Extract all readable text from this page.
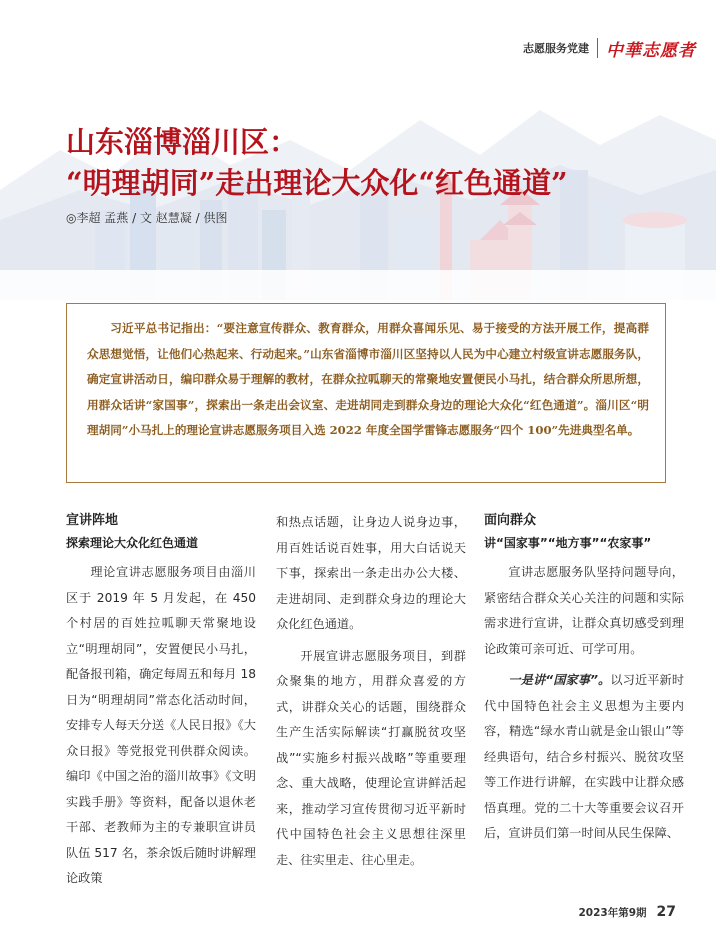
志愿服务党建 中華志愿者
山东淄博淄川区：
“明理胡同”走出理论大众化“红色通道”
◎李超 孟燕 / 文 赵慧凝 / 供图

习近平总书记指出：“要注意宣传群众、教育群众，用群众喜闻乐见、易于接受的方法开展工作，提高群众思想觉悟，让他们心热起来、行动起来。”山东省淄博市淄川区坚持以人民为中心建立村级宣讲志愿服务队，确定宣讲活动日，编印群众易于理解的教材，在群众拉呱聊天的常聚地安置便民小马扎，结合群众所思所想，用群众话讲“家国事”，探索出一条走出会议室、走进胡同走到群众身边的理论大众化“红色通道”。淄川区“明理胡同”小马扎上的理论宣讲志愿服务项目入选 2022 年度全国学雷锋志愿服务“四个 100”先进典型名单。

宣讲阵地
探索理论大众化红色通道

理论宣讲志愿服务项目由淄川区于 2019 年 5 月发起，在 450 个村居的百姓拉呱聊天常聚地设立“明理胡同”，安置便民小马扎，配备报刊箱，确定每周五和每月 18 日为“明理胡同”常态化活动时间，安排专人每天分送《人民日报》《大众日报》等党报党刊供群众阅读。编印《中国之治的淄川故事》《文明实践手册》等资料，配备以退休老干部、老教师为主的专兼职宣讲员队伍 517 名，茶余饭后随时讲解理论政策

和热点话题，让身边人说身边事，用百姓话说百姓事，用大白话说天下事，探索出一条走出办公大楼、走进胡同、走到群众身边的理论大众化红色通道。

开展宣讲志愿服务项目，到群众聚集的地方，用群众喜爱的方式，讲群众关心的话题，围绕群众生产生活实际解读“打赢脱贫攻坚战”“实施乡村振兴战略”等重要理念、重大战略，使理论宣讲鲜活起来，推动学习宣传贯彻习近平新时代中国特色社会主义思想往深里走、往实里走、往心里走。

面向群众
讲“国家事”“地方事”“农家事”

宣讲志愿服务队坚持问题导向，紧密结合群众关心关注的问题和实际需求进行宣讲，让群众真切感受到理论政策可亲可近、可学可用。

一是讲“国家事”。以习近平新时代中国特色社会主义思想为主要内容，精选“绿水青山就是金山银山”等经典语句，结合乡村振兴、脱贫攻坚等工作进行讲解，在实践中让群众感悟真理。党的二十大等重要会议召开后，宣讲员们第一时间从民生保障、

2023年第9期 27
